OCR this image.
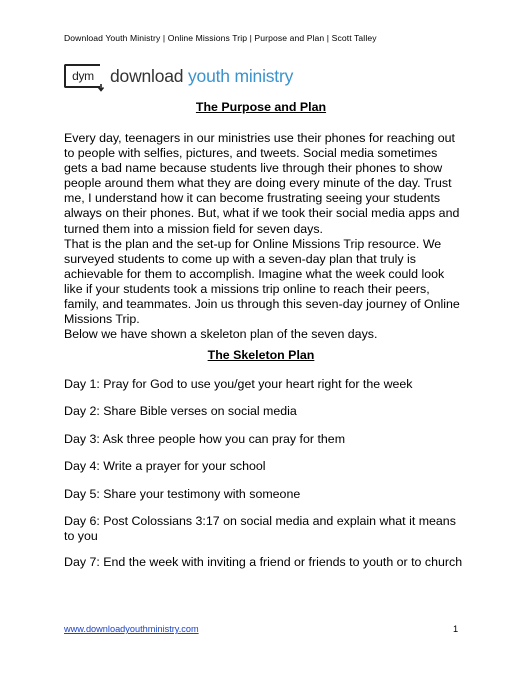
Download Youth Ministry | Online Missions Trip | Purpose and Plan | Scott Talley
dym download youth ministry
The Purpose and Plan

Every day, teenagers in our ministries use their phones for reaching out to people with selfies, pictures, and tweets. Social media sometimes gets a bad name because students live through their phones to show people around them what they are doing every minute of the day. Trust me, I understand how it can become frustrating seeing your students always on their phones. But, what if we took their social media apps and turned them into a mission field for seven days.

That is the plan and the set-up for Online Missions Trip resource. We surveyed students to come up with a seven-day plan that truly is achievable for them to accomplish. Imagine what the week could look like if your students took a missions trip online to reach their peers, family, and teammates. Join us through this seven-day journey of Online Missions Trip.

Below we have shown a skeleton plan of the seven days.

The Skeleton Plan

Day 1: Pray for God to use you/get your heart right for the week

Day 2: Share Bible verses on social media

Day 3: Ask three people how you can pray for them

Day 4: Write a prayer for your school

Day 5: Share your testimony with someone

Day 6: Post Colossians 3:17 on social media and explain what it means to you

Day 7: End the week with inviting a friend or friends to youth or to church

www.downloadyouthministry.com	1
